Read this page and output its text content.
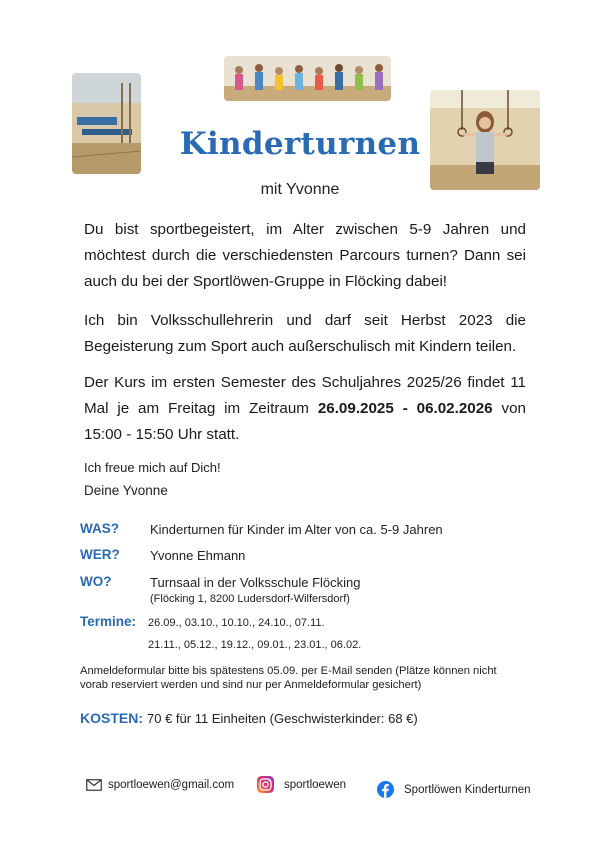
Kinderturnen
mit Yvonne

Du bist sportbegeistert, im Alter zwischen 5-9 Jahren und möchtest durch die verschiedensten Parcours turnen? Dann sei auch du bei der Sportlöwen-Gruppe in Flöcking dabei!

Ich bin Volksschullehrerin und darf seit Herbst 2023 die Begeisterung zum Sport auch außerschulisch mit Kindern teilen.

Der Kurs im ersten Semester des Schuljahres 2025/26 findet 11 Mal je am Freitag im Zeitraum 26.09.2025 - 06.02.2026 von 15:00 - 15:50 Uhr statt.

Ich freue mich auf Dich!
Deine Yvonne
WAS? Kinderturnen für Kinder im Alter von ca. 5-9 Jahren
WER? Yvonne Ehmann
WO?	Turnsaal in der Volksschule Flöcking
(Flöcking 1, 8200 Ludersdorf-Wilfersdorf)
Termine: 26.09., 03.10., 10.10., 24.10., 07.11.
21.11., 05.12., 19.12., 09.01., 23.01., 06.02.
Anmeldeformular bitte bis spätestens 05.09. per E-Mail senden (Plätze können nicht
vorab reserviert werden und sind nur per Anmeldeformular gesichert)
KOSTEN: 70 € für 11 Einheiten (Geschwisterkinder: 68 €)
sportloewen@gmail.com	sportloewen	Sportlöwen Kinderturnen
